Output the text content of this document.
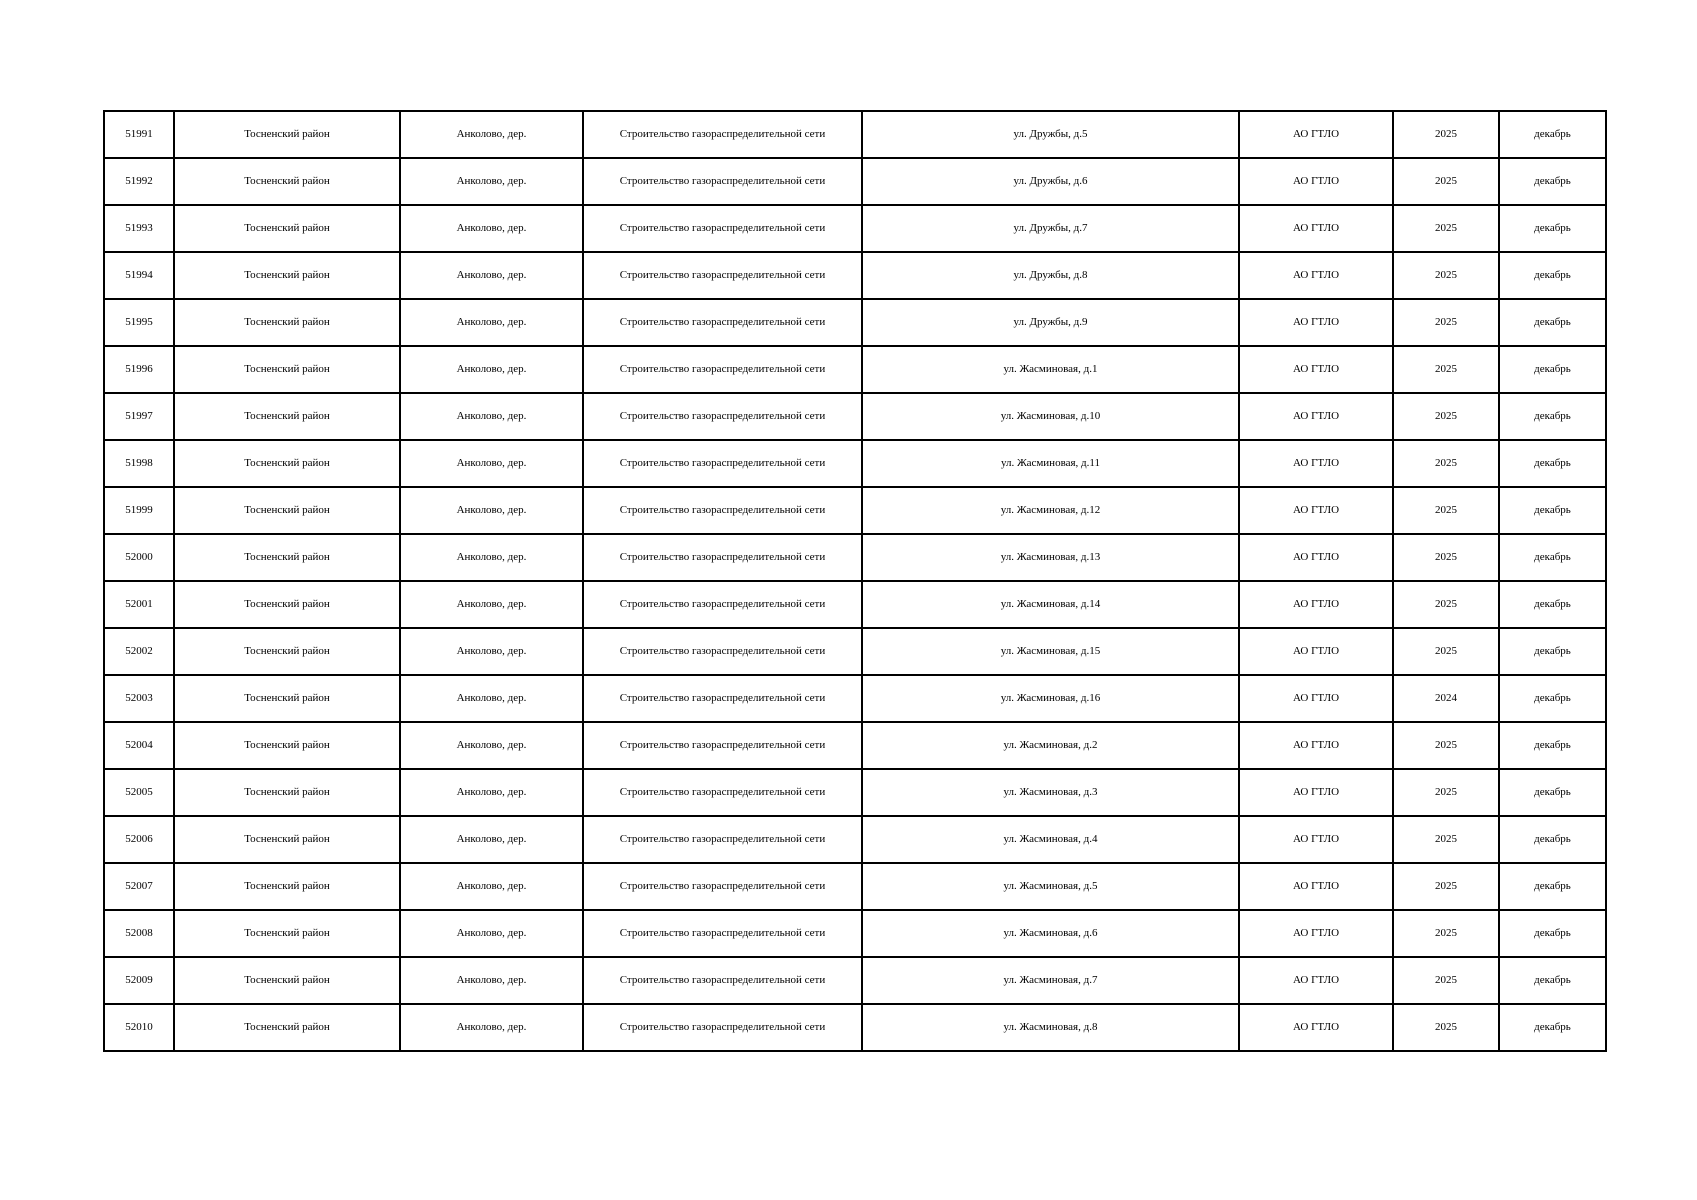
51991	Тосненский район	Анколово, дер.	Строительство газораспределительной сети	ул. Дружбы, д.5	АО ГТЛО	2025	декабрь
51992	Тосненский район	Анколово, дер.	Строительство газораспределительной сети	ул. Дружбы, д.6	АО ГТЛО	2025	декабрь
51993	Тосненский район	Анколово, дер.	Строительство газораспределительной сети	ул. Дружбы, д.7	АО ГТЛО	2025	декабрь
51994	Тосненский район	Анколово, дер.	Строительство газораспределительной сети	ул. Дружбы, д.8	АО ГТЛО	2025	декабрь
51995	Тосненский район	Анколово, дер.	Строительство газораспределительной сети	ул. Дружбы, д.9	АО ГТЛО	2025	декабрь
51996	Тосненский район	Анколово, дер.	Строительство газораспределительной сети	ул. Жасминовая, д.1	АО ГТЛО	2025	декабрь
51997	Тосненский район	Анколово, дер.	Строительство газораспределительной сети	ул. Жасминовая, д.10	АО ГТЛО	2025	декабрь
51998	Тосненский район	Анколово, дер.	Строительство газораспределительной сети	ул. Жасминовая, д.11	АО ГТЛО	2025	декабрь
51999	Тосненский район	Анколово, дер.	Строительство газораспределительной сети	ул. Жасминовая, д.12	АО ГТЛО	2025	декабрь
52000	Тосненский район	Анколово, дер.	Строительство газораспределительной сети	ул. Жасминовая, д.13	АО ГТЛО	2025	декабрь
52001	Тосненский район	Анколово, дер.	Строительство газораспределительной сети	ул. Жасминовая, д.14	АО ГТЛО	2025	декабрь
52002	Тосненский район	Анколово, дер.	Строительство газораспределительной сети	ул. Жасминовая, д.15	АО ГТЛО	2025	декабрь
52003	Тосненский район	Анколово, дер.	Строительство газораспределительной сети	ул. Жасминовая, д.16	АО ГТЛО	2024	декабрь
52004	Тосненский район	Анколово, дер.	Строительство газораспределительной сети	ул. Жасминовая, д.2	АО ГТЛО	2025	декабрь
52005	Тосненский район	Анколово, дер.	Строительство газораспределительной сети	ул. Жасминовая, д.3	АО ГТЛО	2025	декабрь
52006	Тосненский район	Анколово, дер.	Строительство газораспределительной сети	ул. Жасминовая, д.4	АО ГТЛО	2025	декабрь
52007	Тосненский район	Анколово, дер.	Строительство газораспределительной сети	ул. Жасминовая, д.5	АО ГТЛО	2025	декабрь
52008	Тосненский район	Анколово, дер.	Строительство газораспределительной сети	ул. Жасминовая, д.6	АО ГТЛО	2025	декабрь
52009	Тосненский район	Анколово, дер.	Строительство газораспределительной сети	ул. Жасминовая, д.7	АО ГТЛО	2025	декабрь
52010	Тосненский район	Анколово, дер.	Строительство газораспределительной сети	ул. Жасминовая, д.8	АО ГТЛО	2025	декабрь
